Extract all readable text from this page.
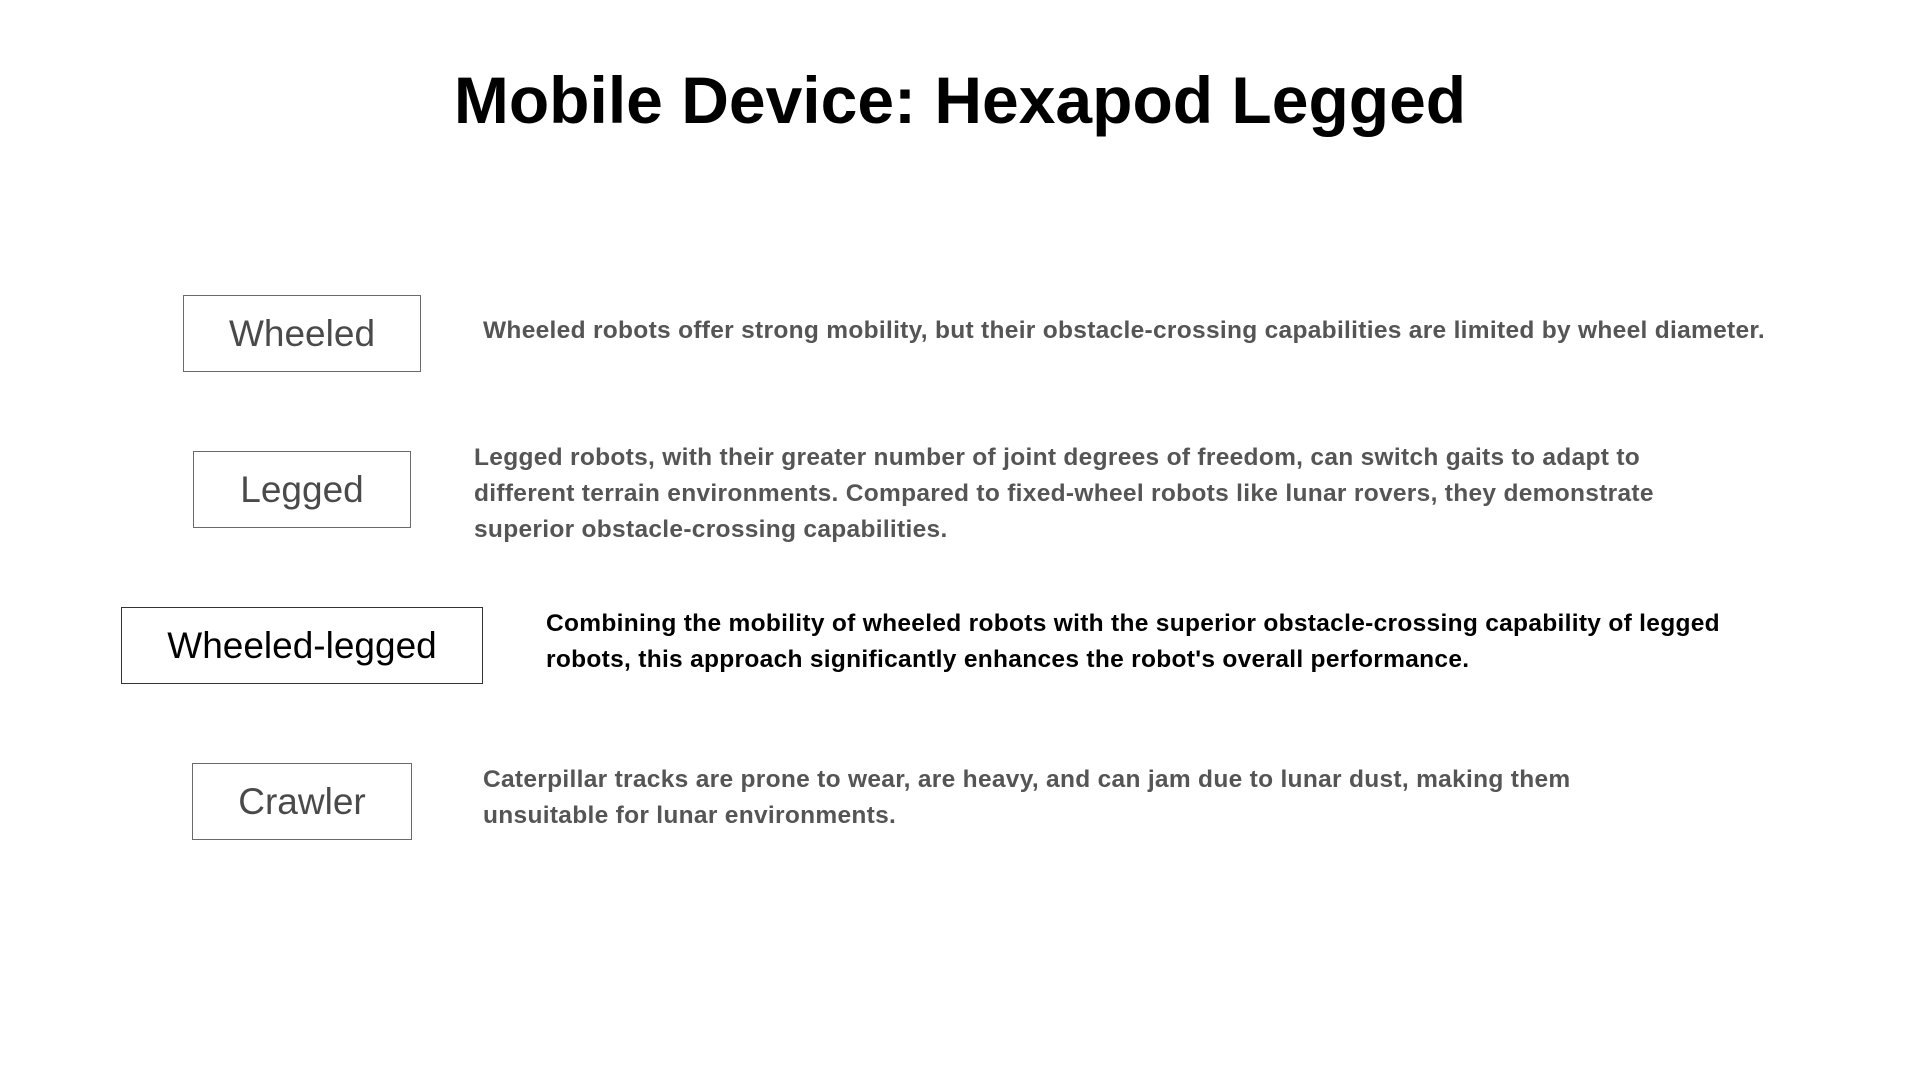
Mobile Device: Hexapod Legged
Wheeled	Wheeled robots offer strong mobility, but their obstacle-crossing capabilities are limited by wheel diameter.

Legged

Legged robots, with their greater number of joint degrees of freedom, can switch gaits to adapt to different terrain environments. Compared to fixed-wheel robots like lunar rovers, they demonstrate superior obstacle-crossing capabilities.

Wheeled-legged

Combining the mobility of wheeled robots with the superior obstacle-crossing capability of legged robots, this approach significantly enhances the robot's overall performance.

Crawler

Caterpillar tracks are prone to wear, are heavy, and can jam due to lunar dust, making them unsuitable for lunar environments.
